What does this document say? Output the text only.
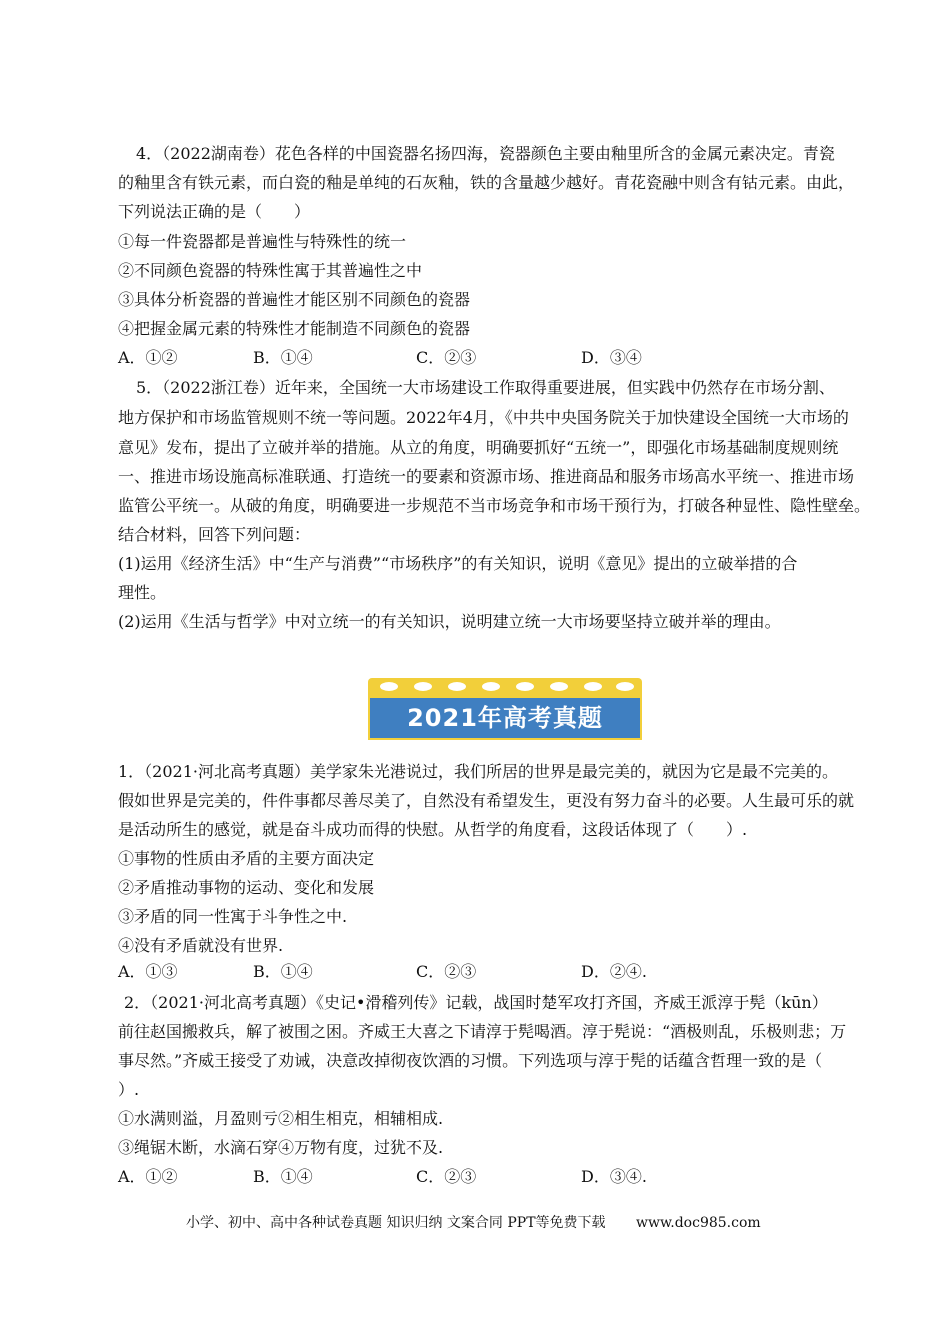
4．（2022湖南卷）花色各样的中国瓷器名扬四海，瓷器颜色主要由釉里所含的金属元素决定。青瓷
的釉里含有铁元素，而白瓷的釉是单纯的石灰釉，铁的含量越少越好。青花瓷融中则含有钴元素。由此，
下列说法正确的是（　　）
①每一件瓷器都是普遍性与特殊性的统一
②不同颜色瓷器的特殊性寓于其普遍性之中
③具体分析瓷器的普遍性才能区别不同颜色的瓷器
④把握金属元素的特殊性才能制造不同颜色的瓷器
A．①②	B．①④	C．②③	D．③④
5．（2022浙江卷）近年来，全国统一大市场建设工作取得重要进展，但实践中仍然存在市场分割、
地方保护和市场监管规则不统一等问题。2022年4月，《中共中央国务院关于加快建设全国统一大市场的
意见》发布，提出了立破并举的措施。从立的角度，明确要抓好“五统一”，即强化市场基础制度规则统
一、推进市场设施高标准联通、打造统一的要素和资源市场、推进商品和服务市场高水平统一、推进市场
监管公平统一。从破的角度，明确要进一步规范不当市场竞争和市场干预行为，打破各种显性、隐性壁垒。
结合材料，回答下列问题：
(1)运用《经济生活》中“生产与消费”“市场秩序”的有关知识，说明《意见》提出的立破举措的合
理性。
(2)运用《生活与哲学》中对立统一的有关知识，说明建立统一大市场要坚持立破并举的理由。
2021年高考真题
1．（2021·河北高考真题）美学家朱光港说过，我们所居的世界是最完美的，就因为它是最不完美的。
假如世界是完美的，件件事都尽善尽美了，自然没有希望发生，更没有努力奋斗的必要。人生最可乐的就
是活动所生的感觉，就是奋斗成功而得的快慰。从哲学的角度看，这段话体现了（　　）.
①事物的性质由矛盾的主要方面决定
②矛盾推动事物的运动、变化和发展
③矛盾的同一性寓于斗争性之中.
④没有矛盾就没有世界.
A．①③	B．①④	C．②③	D．②④.
2．（2021·河北高考真题）《史记•滑稽列传》记载，战国时楚军攻打齐国，齐威王派淳于髡（kūn）
前往赵国搬救兵，解了被围之困。齐威王大喜之下请淳于髡喝酒。淳于髡说：“酒极则乱，乐极则悲；万
事尽然。”齐威王接受了劝诫，决意改掉彻夜饮酒的习惯。下列选项与淳于髡的话蕴含哲理一致的是（
）.
①水满则溢，月盈则亏②相生相克，相辅相成.
③绳锯木断，水滴石穿④万物有度，过犹不及.
A．①②	B．①④	C．②③	D．③④.
小学、初中、高中各种试卷真题 知识归纳 文案合同 PPT等免费下载 www.doc985.com
